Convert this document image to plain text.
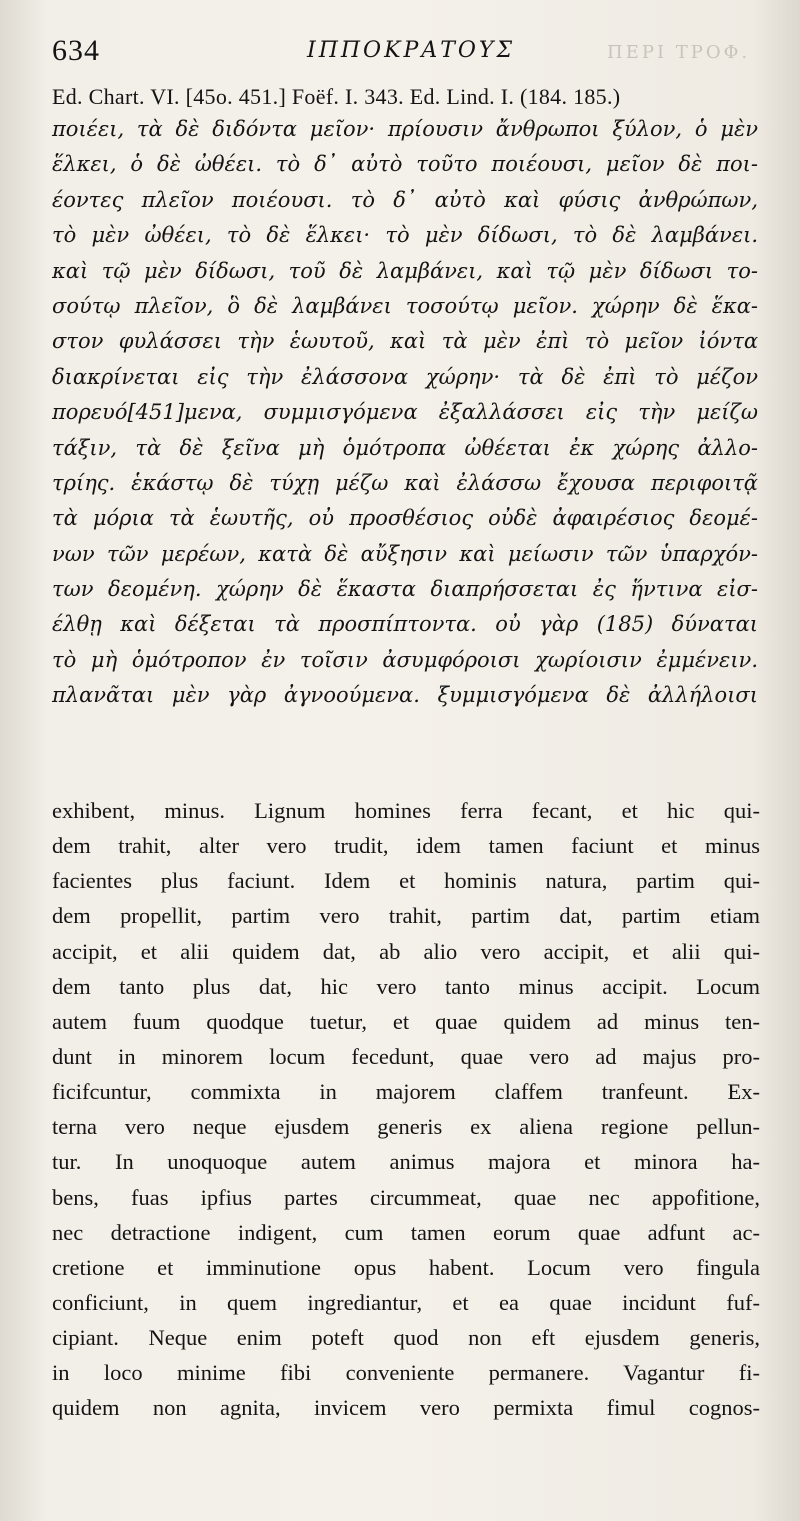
634	ΙΠΠΟΚΡΑΤΟΥΣ	ΠΕΡΙ ΤΡΟΦ.
Ed. Chart. VI. [45o. 451.] Foëf. I. 343. Ed. Lind. I. (184. 185.)
ποιέει, τὰ δὲ διδόντα μεῖον· πρίουσιν ἄνθρωποι ξύλον, ὁ μὲν
ἕλκει, ὁ δὲ ὠθέει. τὸ δ᾽ αὐτὸ τοῦτο ποιέουσι, μεῖον δὲ ποι-
έοντες πλεῖον ποιέουσι. τὸ δ᾽ αὐτὸ καὶ φύσις ἀνθρώπων,
τὸ μὲν ὠθέει, τὸ δὲ ἕλκει· τὸ μὲν δίδωσι, τὸ δὲ λαμβάνει.
καὶ τῷ μὲν δίδωσι, τοῦ δὲ λαμβάνει, καὶ τῷ μὲν δίδωσι το-
σούτῳ πλεῖον, ὃ δὲ λαμβάνει τοσούτῳ μεῖον. χώρην δὲ ἕκα-
στον φυλάσσει τὴν ἑωυτοῦ, καὶ τὰ μὲν ἐπὶ τὸ μεῖον ἰόντα
διακρίνεται εἰς τὴν ἐλάσσονα χώρην· τὰ δὲ ἐπὶ τὸ μέζον
πορευό[451]μενα, συμμισγόμενα ἐξαλλάσσει εἰς τὴν μείζω
τάξιν, τὰ δὲ ξεῖνα μὴ ὁμότροπα ὠθέεται ἐκ χώρης ἀλλο-
τρίης. ἑκάστῳ δὲ τύχῃ μέζω καὶ ἐλάσσω ἔχουσα περιφοιτᾷ
τὰ μόρια τὰ ἑωυτῆς, οὐ προσθέσιος οὐδὲ ἀφαιρέσιος δεομέ-
νων τῶν μερέων, κατὰ δὲ αὔξησιν καὶ μείωσιν τῶν ὑπαρχόν-
των δεομένη. χώρην δὲ ἕκαστα διαπρήσσεται ἐς ἥντινα εἰσ-
έλθῃ καὶ δέξεται τὰ προσπίπτοντα. οὐ γὰρ (185) δύναται
τὸ μὴ ὁμότροπον ἐν τοῖσιν ἀσυμφόροισι χωρίοισιν ἐμμένειν.
πλανᾶται μὲν γὰρ ἀγνοούμενα. ξυμμισγόμενα δὲ ἀλλήλοισι
exhibent, minus. Lignum homines ferra fecant, et hic qui-
dem trahit, alter vero trudit, idem tamen faciunt et minus
facientes plus faciunt. Idem et hominis natura, partim qui-
dem propellit, partim vero trahit, partim dat, partim etiam
accipit, et alii quidem dat, ab alio vero accipit, et alii qui-
dem tanto plus dat, hic vero tanto minus accipit. Locum
autem fuum quodque tuetur, et quae quidem ad minus ten-
dunt in minorem locum fecedunt, quae vero ad majus pro-
ficifcuntur, commixta in majorem claffem tranfeunt. Ex-
terna vero neque ejusdem generis ex aliena regione pellun-
tur. In unoquoque autem animus majora et minora ha-
bens, fuas ipfius partes circummeat, quae nec appofitione,
nec detractione indigent, cum tamen eorum quae adfunt ac-
cretione et imminutione opus habent. Locum vero fingula
conficiunt, in quem ingrediantur, et ea quae incidunt fuf-
cipiant. Neque enim poteft quod non eft ejusdem generis,
in loco minime fibi conveniente permanere. Vagantur fi-
quidem non agnita, invicem vero permixta fimul cognos-
